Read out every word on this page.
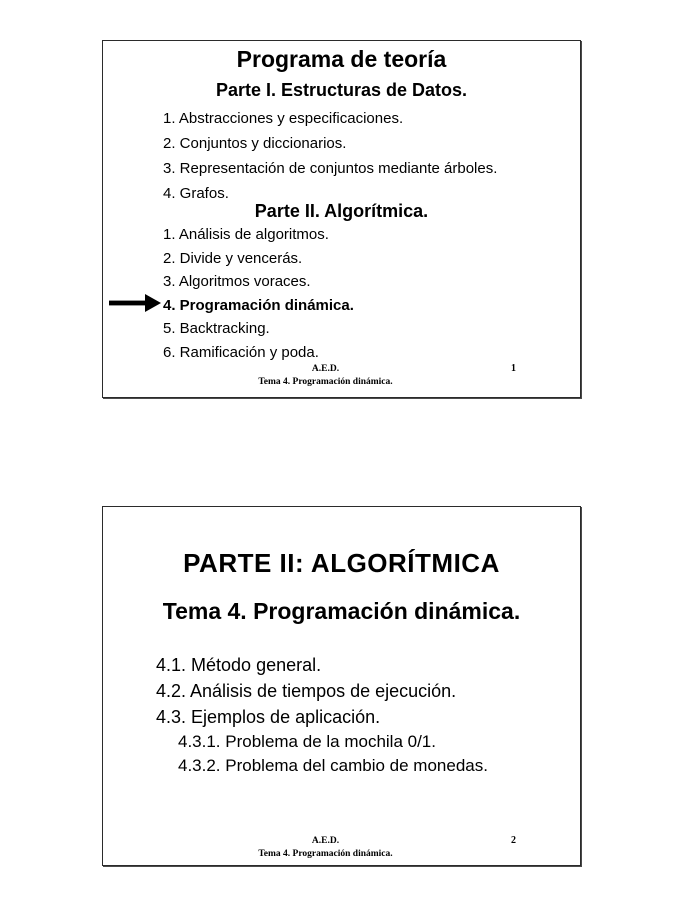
Programa de teoría
Parte I. Estructuras de Datos.
1. Abstracciones y especificaciones.
2. Conjuntos y diccionarios.
3. Representación de conjuntos mediante árboles.
4. Grafos.
Parte II. Algorítmica.
1. Análisis de algoritmos.
2. Divide y vencerás.
3. Algoritmos voraces.
4. Programación dinámica.
5. Backtracking.
6. Ramificación y poda.
A.E.D.
Tema 4. Programación dinámica.
1
PARTE II: ALGORÍTMICA
Tema 4. Programación dinámica.
4.1. Método general.
4.2. Análisis de tiempos de ejecución.
4.3. Ejemplos de aplicación.
4.3.1. Problema de la mochila 0/1.
4.3.2. Problema del cambio de monedas.
A.E.D.
Tema 4. Programación dinámica.
2
